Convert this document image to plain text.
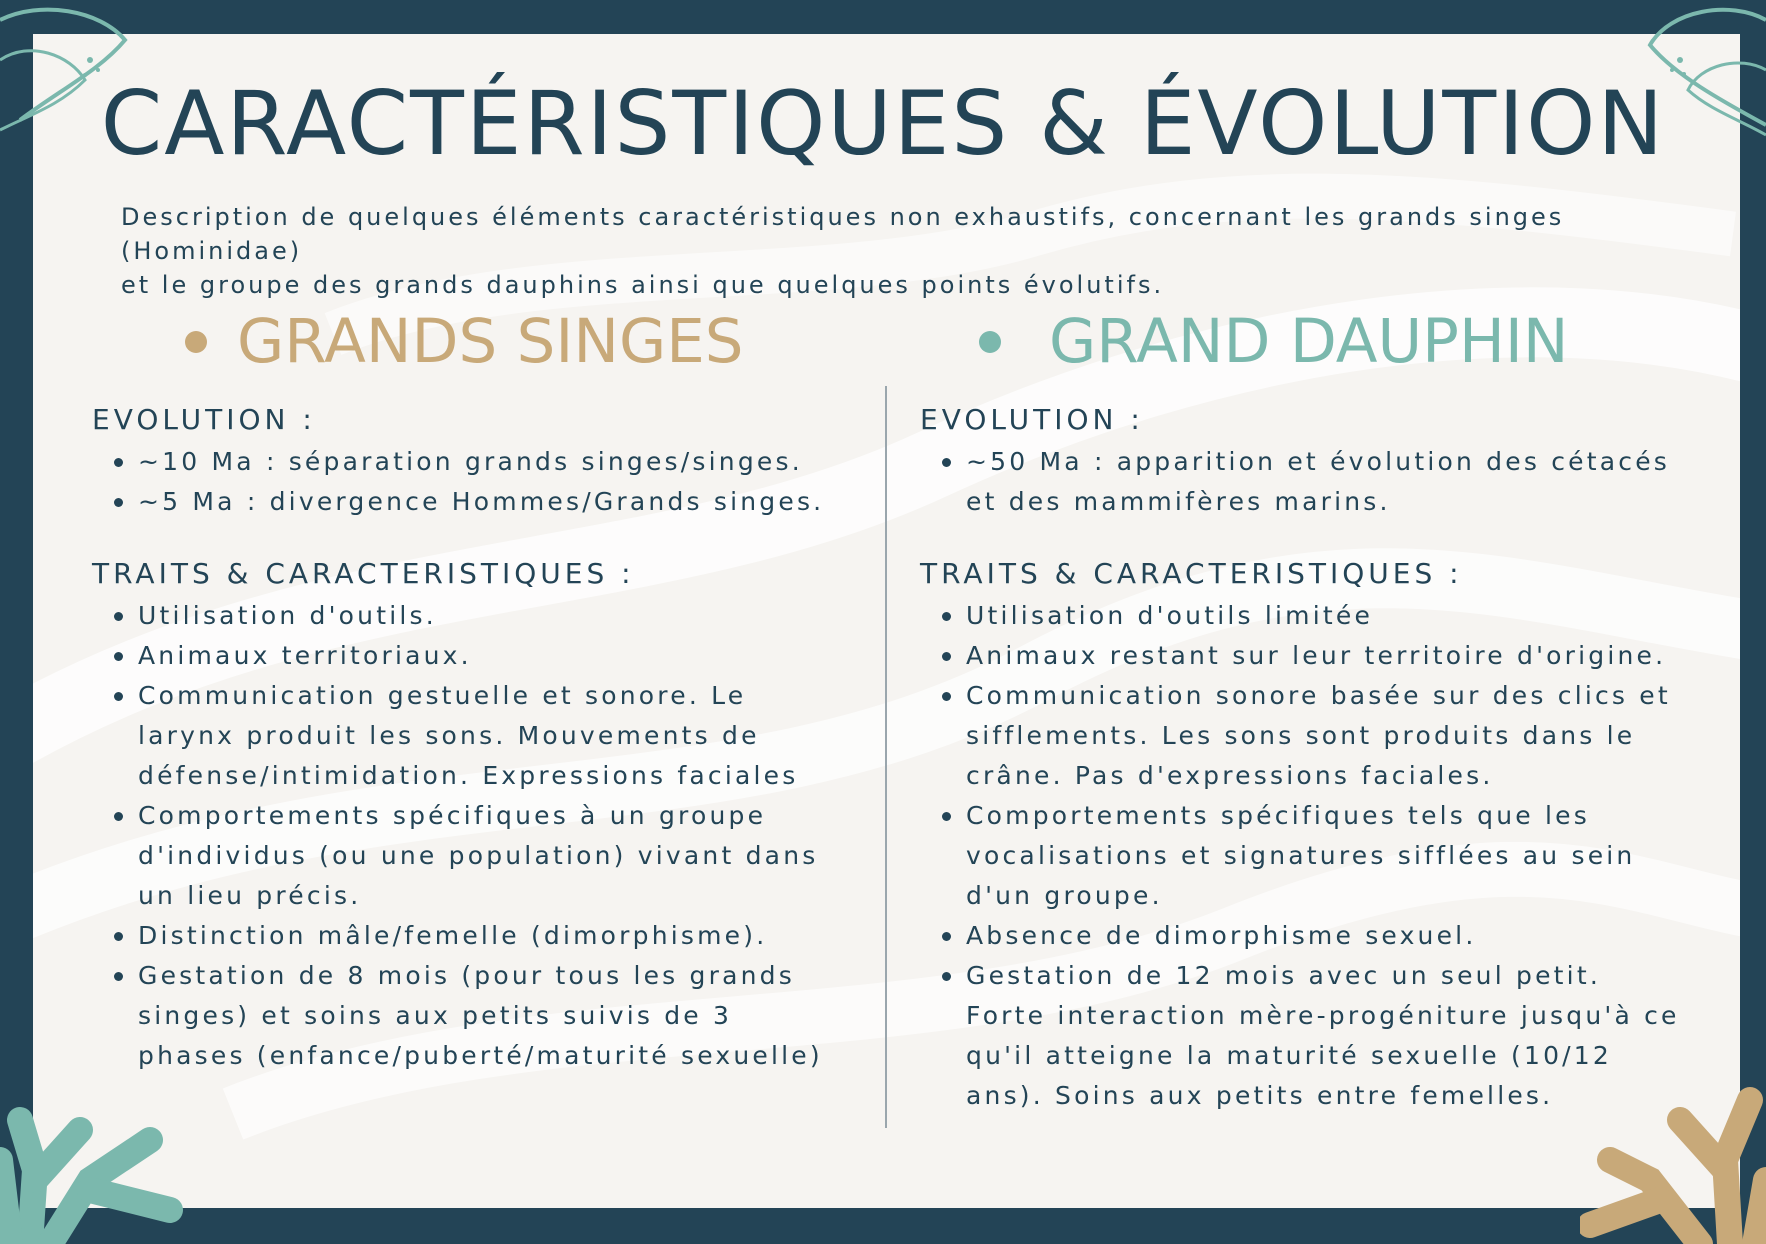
CARACTÉRISTIQUES & ÉVOLUTION

Description de quelques éléments caractéristiques non exhaustifs, concernant les grands singes (Hominidae)
et le groupe des grands dauphins ainsi que quelques points évolutifs.

GRANDS SINGES	GRAND DAUPHIN

EVOLUTION :

~10 Ma : séparation grands singes/singes.
~5 Ma : divergence Hommes/Grands singes.

TRAITS & CARACTERISTIQUES :

Utilisation d'outils.
Animaux territoriaux.
Communication gestuelle et sonore. Le
larynx produit les sons. Mouvements de
défense/intimidation. Expressions faciales
Comportements spécifiques à un groupe
d'individus (ou une population) vivant dans
un lieu précis.
Distinction mâle/femelle (dimorphisme).
Gestation de 8 mois (pour tous les grands
singes) et soins aux petits suivis de 3
phases (enfance/puberté/maturité sexuelle)

EVOLUTION :

~50 Ma : apparition et évolution des cétacés
et des mammifères marins.

TRAITS & CARACTERISTIQUES :

Utilisation d'outils limitée
Animaux restant sur leur territoire d'origine.
Communication sonore basée sur des clics et
sifflements. Les sons sont produits dans le
crâne. Pas d'expressions faciales.
Comportements spécifiques tels que les
vocalisations et signatures sifflées au sein
d'un groupe.
Absence de dimorphisme sexuel.
Gestation de 12 mois avec un seul petit.
Forte interaction mère-progéniture jusqu'à ce
qu'il atteigne la maturité sexuelle (10/12
ans). Soins aux petits entre femelles.
